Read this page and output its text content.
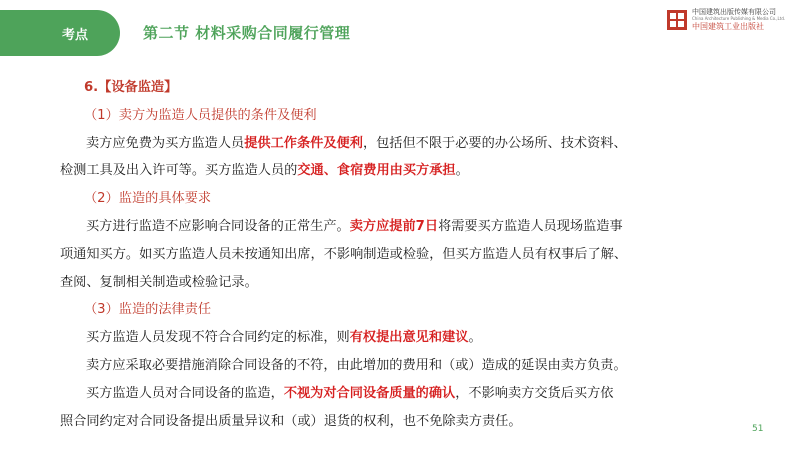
考点	第二节 材料采购合同履行管理
中国建筑出版传媒有限公司
China Architecture Publishing & Media Co.,Ltd.
中国建筑工业出版社
6.【设备监造】
（1）卖方为监造人员提供的条件及便利
卖方应免费为买方监造人员提供工作条件及便利，包括但不限于必要的办公场所、技术资料、
检测工具及出入许可等。买方监造人员的交通、食宿费用由买方承担。
（2）监造的具体要求
买方进行监造不应影响合同设备的正常生产。卖方应提前7日将需要买方监造人员现场监造事
项通知买方。如买方监造人员未按通知出席，不影响制造或检验，但买方监造人员有权事后了解、
查阅、复制相关制造或检验记录。
（3）监造的法律责任
买方监造人员发现不符合合同约定的标准，则有权提出意见和建议。
卖方应采取必要措施消除合同设备的不符，由此增加的费用和（或）造成的延误由卖方负责。
买方监造人员对合同设备的监造，不视为对合同设备质量的确认，不影响卖方交货后买方依
照合同约定对合同设备提出质量异议和（或）退货的权利，也不免除卖方责任。
51
